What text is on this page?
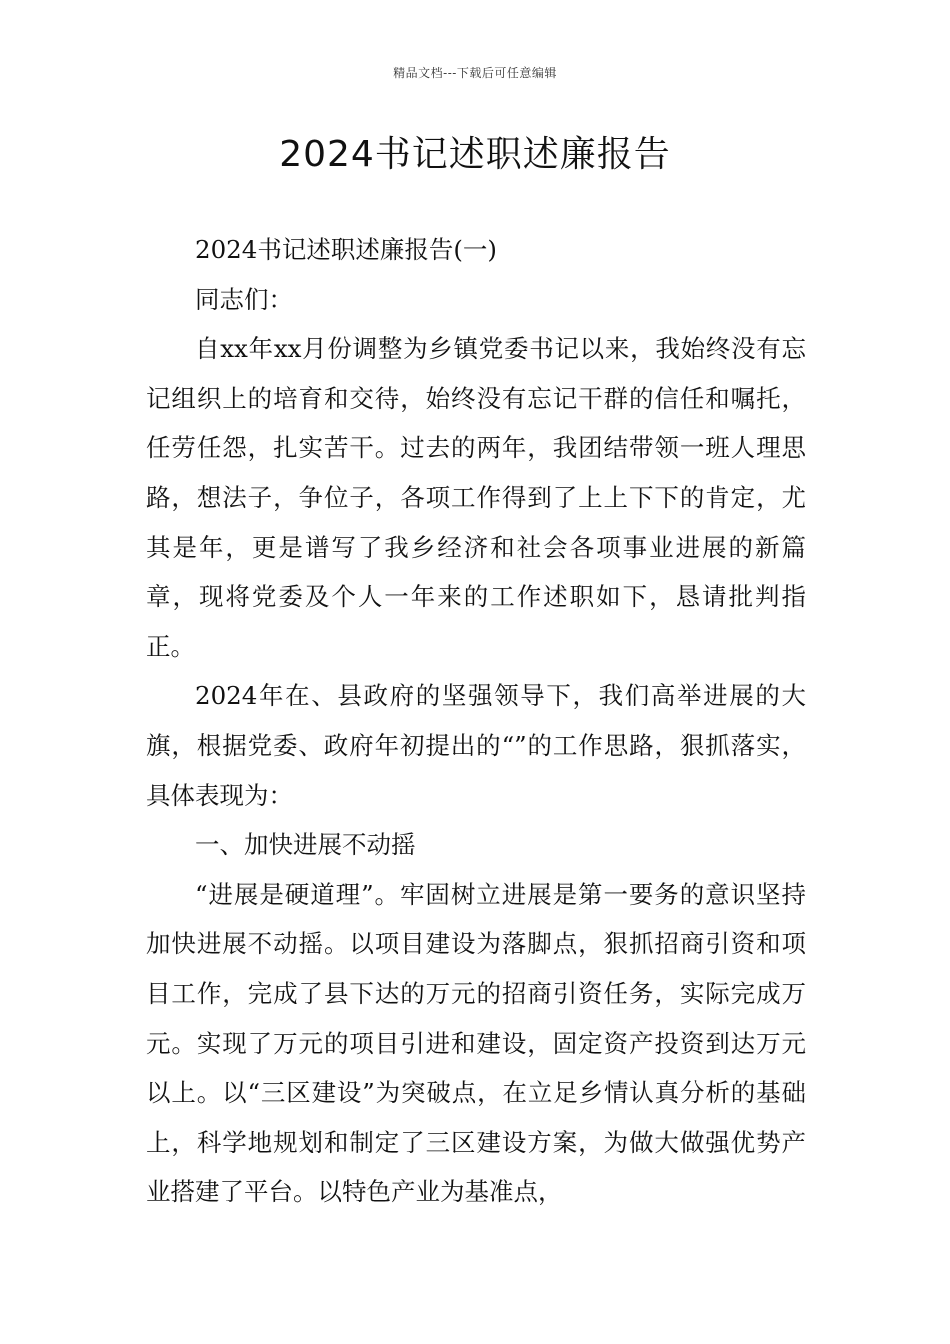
精品文档---下载后可任意编辑
2024书记述职述廉报告

2024书记述职述廉报告(一)

同志们：

自xx年xx月份调整为乡镇党委书记以来，我始终没有忘记组织上的培育和交待，始终没有忘记干群的信任和嘱托，任劳任怨，扎实苦干。过去的两年，我团结带领一班人理思路，想法子，争位子，各项工作得到了上上下下的肯定，尤其是年，更是谱写了我乡经济和社会各项事业进展的新篇章，现将党委及个人一年来的工作述职如下，恳请批判指正。

2024年在、县政府的坚强领导下，我们高举进展的大旗，根据党委、政府年初提出的“”的工作思路，狠抓落实，具体表现为：

一、加快进展不动摇

“进展是硬道理”。牢固树立进展是第一要务的意识坚持加快进展不动摇。以项目建设为落脚点，狠抓招商引资和项目工作，完成了县下达的万元的招商引资任务，实际完成万元。实现了万元的项目引进和建设，固定资产投资到达万元以上。以“三区建设”为突破点，在立足乡情认真分析的基础上，科学地规划和制定了三区建设方案，为做大做强优势产业搭建了平台。以特色产业为基准点，
